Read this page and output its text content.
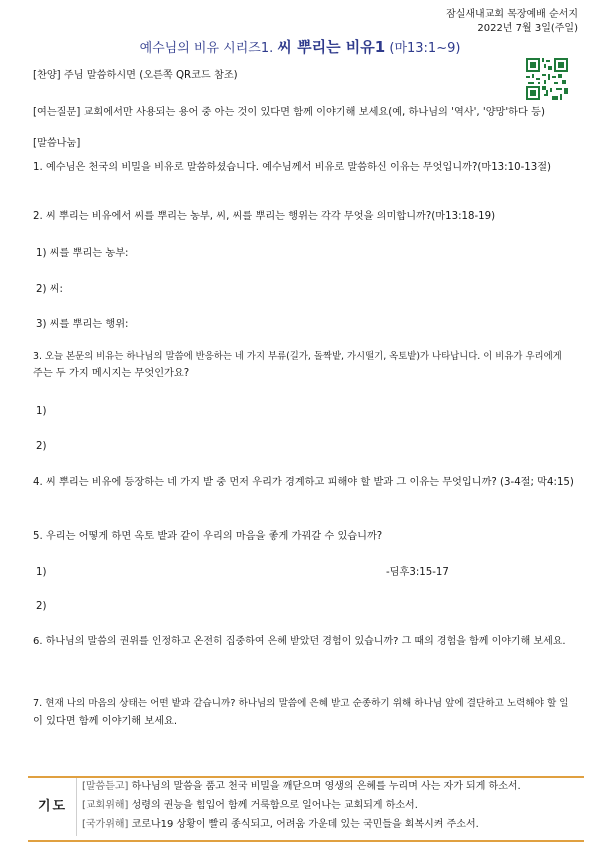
잠실새내교회 목장예배 순서지
2022년 7월 3일(주일)
예수님의 비유 시리즈1. 씨 뿌리는 비유1 (마13:1~9)
[찬양] 주님 말씀하시면 (오른쪽 QR코드 참조)
[여는질문] 교회에서만 사용되는 용어 중 아는 것이 있다면 함께 이야기해 보세요(예, 하나님의 '역사', '양망'하다 등)
[말씀나눔]
1. 예수님은 천국의 비밀을 비유로 말씀하셨습니다. 예수님께서 비유로 말씀하신 이유는 무엇입니까?(마13:10-13절)
2. 씨 뿌리는 비유에서 씨를 뿌리는 농부, 씨, 씨를 뿌리는 행위는 각각 무엇을 의미합니까?(마13:18-19)
1) 씨를 뿌리는 농부:
2) 씨:
3) 씨를 뿌리는 행위:
3. 오늘 본문의 비유는 하나님의 말씀에 반응하는 네 가지 부류(길가, 돌짝밭, 가시떨기, 옥토밭)가 나타납니다. 이 비유가 우리에게
주는 두 가지 메시지는 무엇인가요?
1)
2)
4. 씨 뿌리는 비유에 등장하는 네 가지 밭 중 먼저 우리가 경계하고 피해야 할 밭과 그 이유는 무엇입니까? (3-4절; 막4:15)
5. 우리는 어떻게 하면 옥토 밭과 같이 우리의 마음을 좋게 가꿔갈 수 있습니까?
1)	-딤후3:15-17
2)
6. 하나님의 말씀의 권위를 인정하고 온전히 집중하여 은혜 받았던 경험이 있습니까? 그 때의 경험을 함께 이야기해 보세요.
7. 현재 나의 마음의 상태는 어떤 밭과 같습니까? 하나님의 말씀에 은혜 받고 순종하기 위해 하나님 앞에 결단하고 노력해야 할 일
이 있다면 함께 이야기해 보세요.
기도
[말씀듣고] 하나님의 말씀을 품고 천국 비밀을 깨닫으며 영생의 은혜를 누리며 사는 자가 되게 하소서.
[교회위해] 성령의 권능을 힘입어 함께 거룩함으로 일어나는 교회되게 하소서.
[국가위해] 코로나19 상황이 빨리 종식되고, 어려움 가운데 있는 국민들을 회복시켜 주소서.
